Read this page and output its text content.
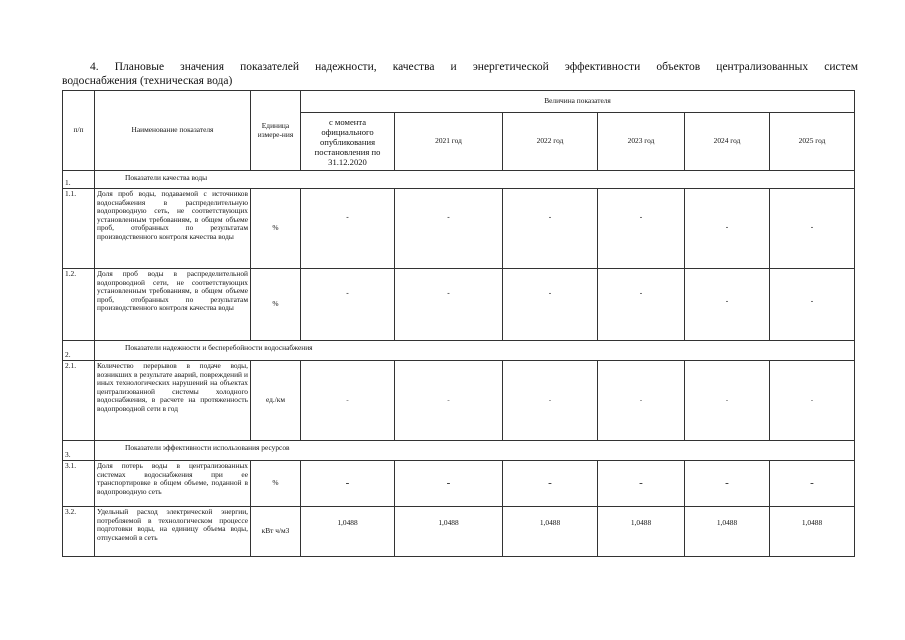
4. Плановые значения показателей надежности, качества и энергетической эффективности объектов централизованных систем
водоснабжения (техническая вода)
п/п	Наименование показателя	Единица измере-ния	Величина показателя					
			с момента официального опубликования постановления по 31.12.2020	2021 год	2022 год	2023 год	2024 год	2025 год
1.	Показатели качества воды							
1.1.	Доля проб воды, подаваемой с источников водоснабжения в распределительную водопроводную сеть, не соответствующих установленным требованиям, в общем объеме проб, отобранных по результатам производственного контроля качества воды	%	-	-	-	-	-	-
1.2.	Доля проб воды в распределительной водопроводной сети, не соответствующих установленным требованиям, в общем объеме проб, отобранных по результатам производственного контроля качества воды	%	-	-	-	-	-	-
2.	Показатели надежности и бесперебойности водоснабжения							
2.1.	Количество перерывов в подаче воды, возникших в результате аварий, повреждений и иных технологических нарушений на объектах централизованной системы холодного водоснабжения, в расчете на протяженность водопроводной сети в год	ед./км	-	-	-	-	-	-
3.	Показатели эффективности использования ресурсов							
3.1.	Доля потерь воды в централизованных системах водоснабжения при ее транспортировке в общем объеме, поданной в водопроводную сеть	%	-	-	-	-	-	-
3.2.	Удельный расход электрической энергии, потребляемой в технологическом процессе подготовки воды, на единицу объема воды, отпускаемой в сеть	кВт ч/м3	1,0488	1,0488	1,0488	1,0488	1,0488	1,0488
